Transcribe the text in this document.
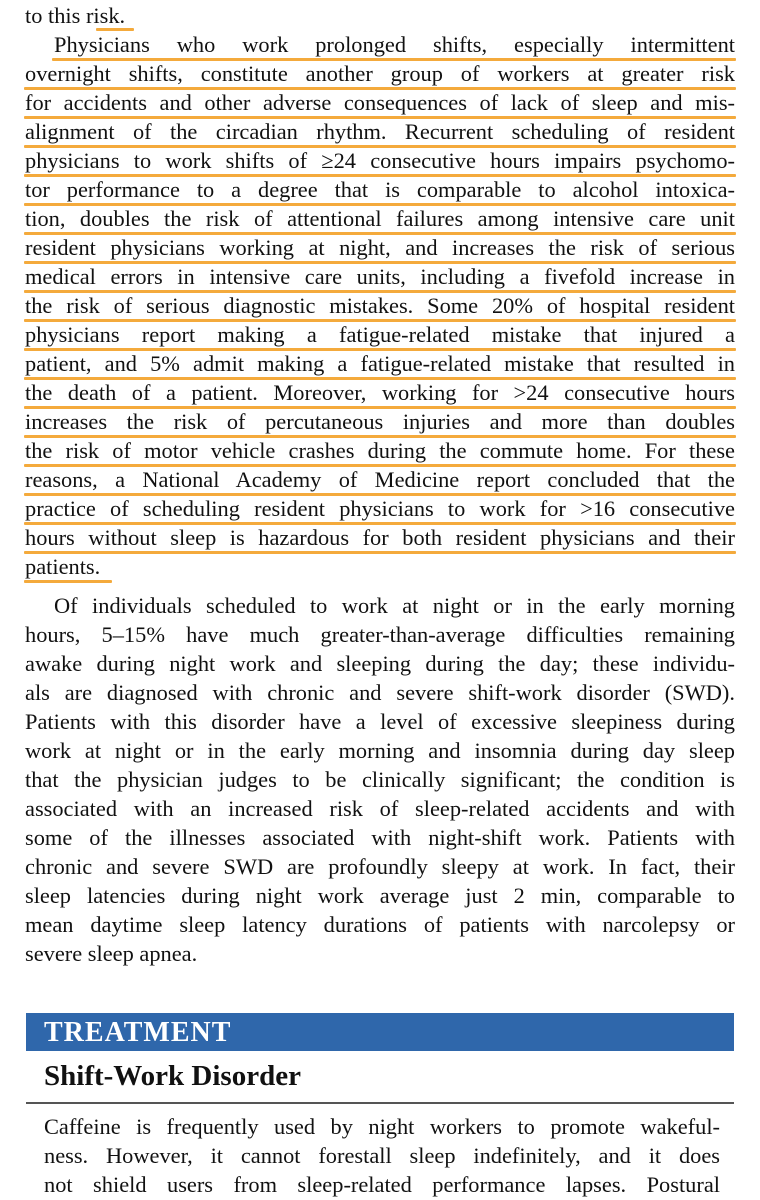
to this risk.
Physicians who work prolonged shifts, especially intermittent
overnight shifts, constitute another group of workers at greater risk
for accidents and other adverse consequences of lack of sleep and mis-
alignment of the circadian rhythm. Recurrent scheduling of resident
physicians to work shifts of ≥24 consecutive hours impairs psychomo-
tor performance to a degree that is comparable to alcohol intoxica-
tion, doubles the risk of attentional failures among intensive care unit
resident physicians working at night, and increases the risk of serious
medical errors in intensive care units, including a fivefold increase in
the risk of serious diagnostic mistakes. Some 20% of hospital resident
physicians report making a fatigue-related mistake that injured a
patient, and 5% admit making a fatigue-related mistake that resulted in
the death of a patient. Moreover, working for >24 consecutive hours
increases the risk of percutaneous injuries and more than doubles
the risk of motor vehicle crashes during the commute home. For these
reasons, a National Academy of Medicine report concluded that the
practice of scheduling resident physicians to work for >16 consecutive
hours without sleep is hazardous for both resident physicians and their
patients.
Of individuals scheduled to work at night or in the early morning
hours, 5–15% have much greater-than-average difficulties remaining
awake during night work and sleeping during the day; these individu-
als are diagnosed with chronic and severe shift-work disorder (SWD).
Patients with this disorder have a level of excessive sleepiness during
work at night or in the early morning and insomnia during day sleep
that the physician judges to be clinically significant; the condition is
associated with an increased risk of sleep-related accidents and with
some of the illnesses associated with night-shift work. Patients with
chronic and severe SWD are profoundly sleepy at work. In fact, their
sleep latencies during night work average just 2 min, comparable to
mean daytime sleep latency durations of patients with narcolepsy or
severe sleep apnea.
TREATMENT
Shift-Work Disorder
Caffeine is frequently used by night workers to promote wakeful-
ness. However, it cannot forestall sleep indefinitely, and it does
not shield users from sleep-related performance lapses. Postural
